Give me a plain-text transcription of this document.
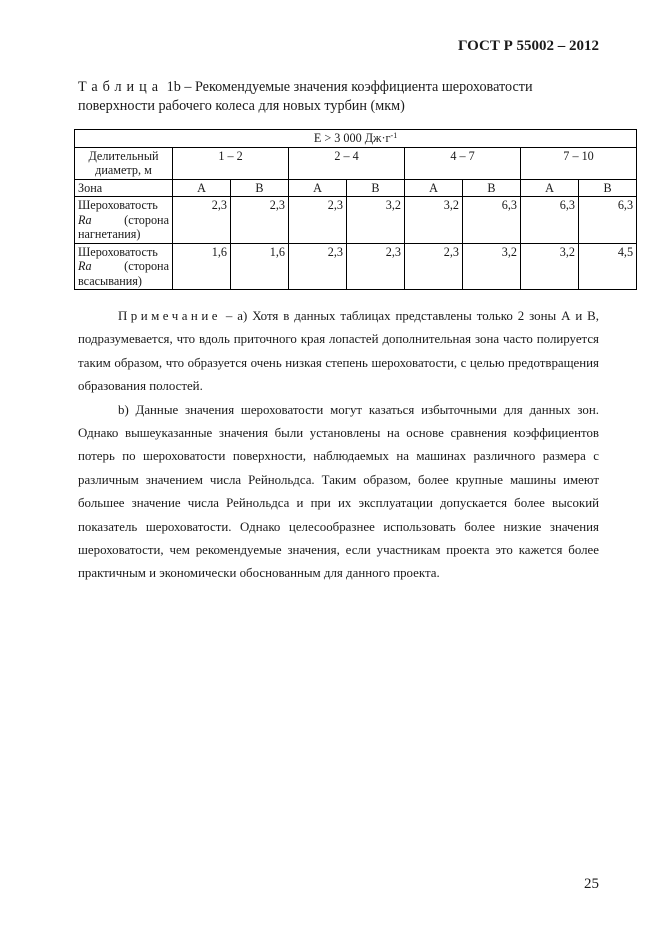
ГОСТ Р 55002 – 2012
Таблица 1b – Рекомендуемые значения коэффициента шероховатости поверхности рабочего колеса для новых турбин (мкм)
E > 3 000 $Дж\cdot г^{-1}$
Делительный диаметр, м	1 – 2		2 – 4		4 – 7		7 – 10	
Зона	A	B	A	B	A	B	A	B

Шероховатость
Ra (сторона
нагнетания)	2,3	2,3	2,3	3,2	3,2	6,3	6,3	6,3

Шероховатость
Ra (сторона
всасывания)	1,6	1,6	2,3	2,3	2,3	3,2	3,2	4,5

Примечание – a) Хотя в данных таблицах представлены только 2 зоны А и B, подразумевается, что вдоль приточного края лопастей дополнительная зона часто полируется таким образом, что образуется очень низкая степень шероховатости, с целью предотвращения образования полостей.

b) Данные значения шероховатости могут казаться избыточными для данных зон. Однако вышеуказанные значения были установлены на основе сравнения коэффициентов потерь по шероховатости поверхности, наблюдаемых на машинах различного размера с различным значением числа Рейнольдса. Таким образом, более крупные машины имеют большее значение числа Рейнольдса и при их эксплуатации допускается более высокий показатель шероховатости. Однако целесообразнее использовать более низкие значения шероховатости, чем рекомендуемые значения, если участникам проекта это кажется более практичным и экономически обоснованным для данного проекта.

25
